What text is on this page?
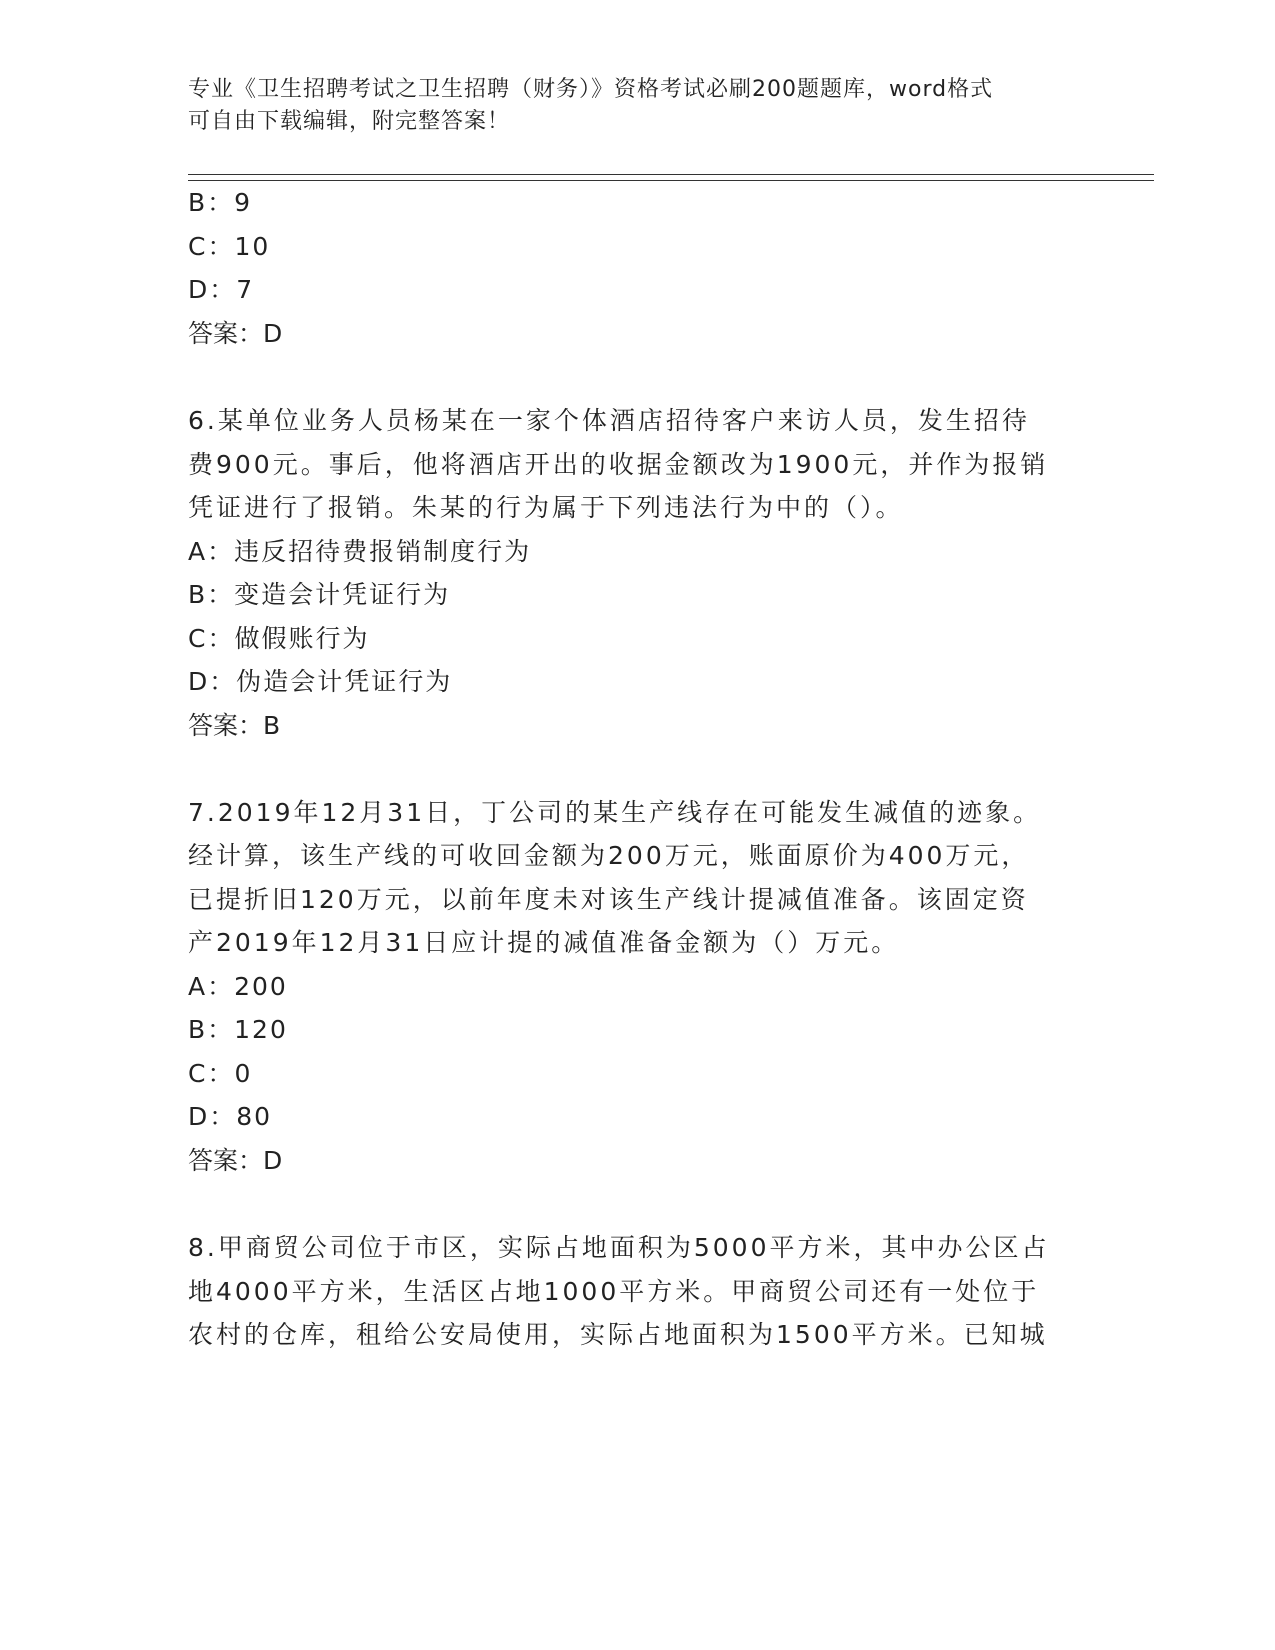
专业《卫生招聘考试之卫生招聘（财务）》资格考试必刷200题题库，word格式
可自由下载编辑，附完整答案！
B：9
C：10
D：7
答案：D
6.某单位业务人员杨某在一家个体酒店招待客户来访人员，发生招待
费900元。事后，他将酒店开出的收据金额改为1900元，并作为报销
凭证进行了报销。朱某的行为属于下列违法行为中的（）。
A：违反招待费报销制度行为
B：变造会计凭证行为
C：做假账行为
D：伪造会计凭证行为
答案：B
7.2019年12月31日，丁公司的某生产线存在可能发生减值的迹象。
经计算，该生产线的可收回金额为200万元，账面原价为400万元，
已提折旧120万元，以前年度未对该生产线计提减值准备。该固定资
产2019年12月31日应计提的减值准备金额为（）万元。
A：200
B：120
C：0
D：80
答案：D
8.甲商贸公司位于市区，实际占地面积为5000平方米，其中办公区占
地4000平方米，生活区占地1000平方米。甲商贸公司还有一处位于
农村的仓库，租给公安局使用，实际占地面积为1500平方米。已知城
